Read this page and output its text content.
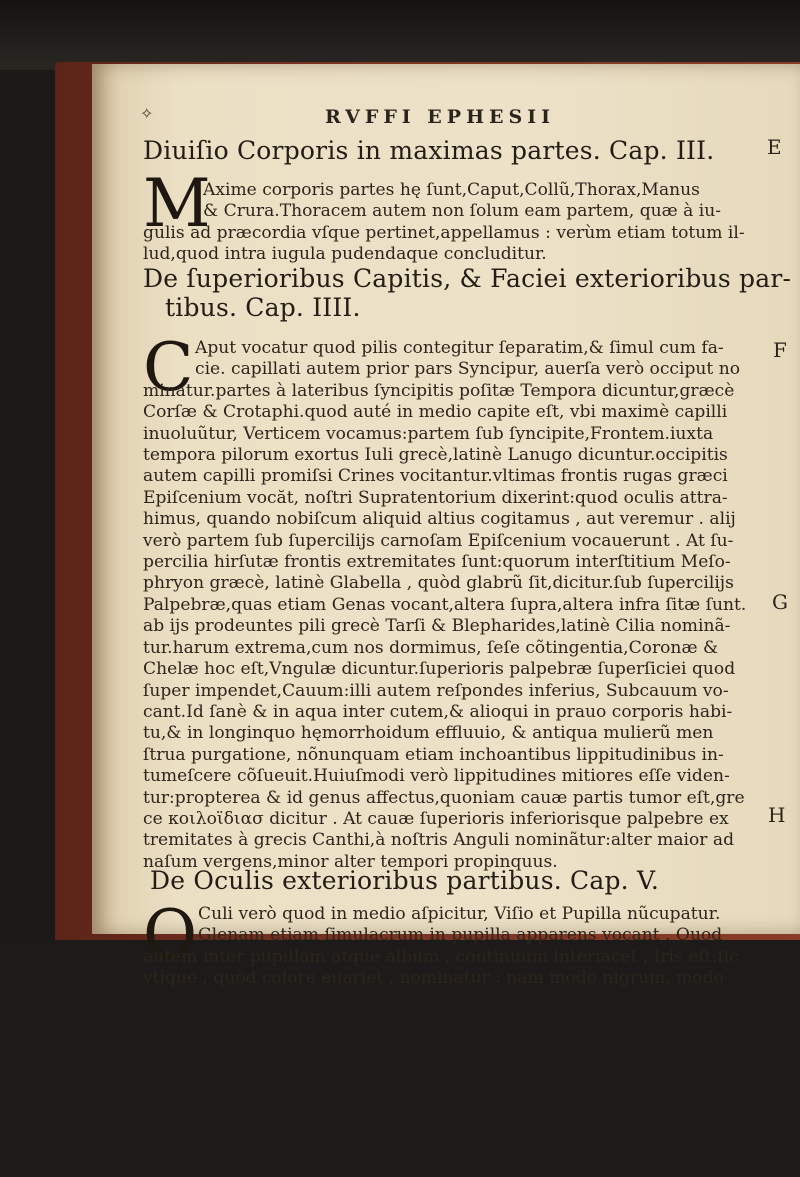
✧	RVFFI EPHESII
Diuiſio Corporis in maximas partes. Cap. III.
M
Axime corporis partes hę ſunt,Caput,Collũ,Thorax,Manus
& Crura.Thoracem autem non ſolum eam partem, quæ à iu-
gulis ad præcordia vſque pertinet,appellamus : verùm etiam totum il-
lud,quod intra iugula pudendaque concluditur.
De ſuperioribus Capitis, & Faciei exterioribus par-
tibus. Cap. IIII.
C Aput vocatur quod pilis contegitur ſeparatim,& ſimul cum fa-
cie. capillati autem prior pars Syncipur, auerſa verò occiput no
minatur.partes à lateribus ſyncipitis poſitæ Tempora dicuntur,græcè
Corſæ & Crotaphi.quod auté in medio capite eſt, vbi maximè capilli
inuoluũtur, Verticem vocamus:partem ſub ſyncipite,Frontem.iuxta
tempora pilorum exortus Iuli grecè,latinè Lanugo dicuntur.occipitis
autem capilli promiſsi Crines vocitantur.vltimas frontis rugas græci
Epiſcenium vocăt, noſtri Supratentorium dixerint:quod oculis attra-
himus, quando nobiſcum aliquid altius cogitamus , aut veremur . alij
verò partem ſub ſupercilijs carnoſam Epiſcenium vocauerunt . At ſu-
percilia hirſutæ frontis extremitates ſunt:quorum interſtitium Meſo-
phryon græcè, latinè Glabella , quòd glabrũ ſit,dicitur.ſub ſupercilijs
Palpebræ,quas etiam Genas vocant,altera ſupra,altera infra ſitæ ſunt.
ab ijs prodeuntes pili grecè Tarſi & Blepharides,latinè Cilia nominã-
tur.harum extrema,cum nos dormimus, ſeſe cõtingentia,Coronæ &
Chelæ hoc eſt,Vngulæ dicuntur.ſuperioris palpebræ ſuperſiciei quod
ſuper impendet,Cauum:illi autem reſpondes inferius, Subcauum vo-
cant.Id ſanè & in aqua inter cutem,& alioqui in prauo corporis habi-
tu,& in longinquo hęmorrhoidum effluuio, & antiqua mulierũ men
ſtrua purgatione, nõnunquam etiam inchoantibus lippitudinibus in-
tumeſcere cõſueuit.Huiuſmodi verò lippitudines mitiores eſſe viden-
tur:propterea & id genus affectus,quoniam cauæ partis tumor eſt,gre
ce κοιλοϊδιασ dicitur . At cauæ ſuperioris inferiorisque palpebre ex
tremitates à grecis Canthi,à noſtris Anguli nominãtur:alter maior ad
naſum vergens,minor alter tempori propinquus.
De Oculis exterioribus partibus. Cap. V.
O Culi verò quod in medio aſpicitur, Viſio et Pupilla nũcupatur.
Glenam etiam ſimulacrum in pupilla apparens vocant . Quod
autem inter pupillam atque album , continuum interiacet , Iris eſt:ſic
vtique , quòd colore euariet , nominatur : nam modo nigrum, modo
E
F
G
H
